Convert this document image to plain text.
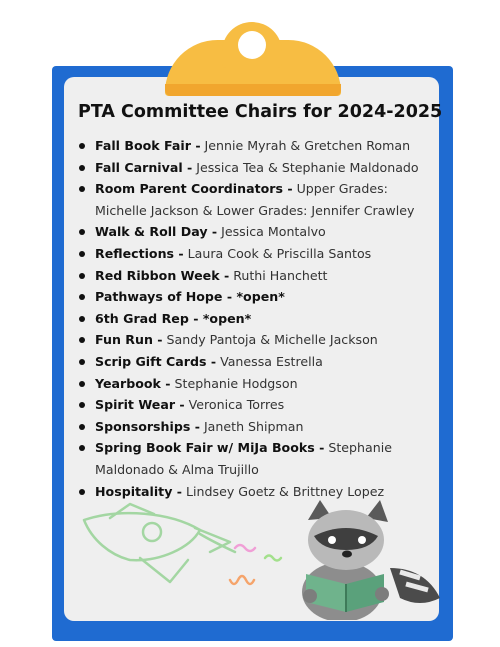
PTA Committee Chairs for 2024-2025
Fall Book Fair - Jennie Myrah & Gretchen Roman
Fall Carnival - Jessica Tea & Stephanie Maldonado
Room Parent Coordinators - Upper Grades: Michelle Jackson & Lower Grades: Jennifer Crawley
Walk & Roll Day - Jessica Montalvo
Reflections - Laura Cook & Priscilla Santos
Red Ribbon Week - Ruthi Hanchett
Pathways of Hope - *open*
6th Grad Rep - *open*
Fun Run - Sandy Pantoja & Michelle Jackson
Scrip Gift Cards - Vanessa Estrella
Yearbook - Stephanie Hodgson
Spirit Wear - Veronica Torres
Sponsorships - Janeth Shipman
Spring Book Fair w/ MiJa Books - Stephanie Maldonado & Alma Trujillo
Hospitality - Lindsey Goetz & Brittney Lopez
